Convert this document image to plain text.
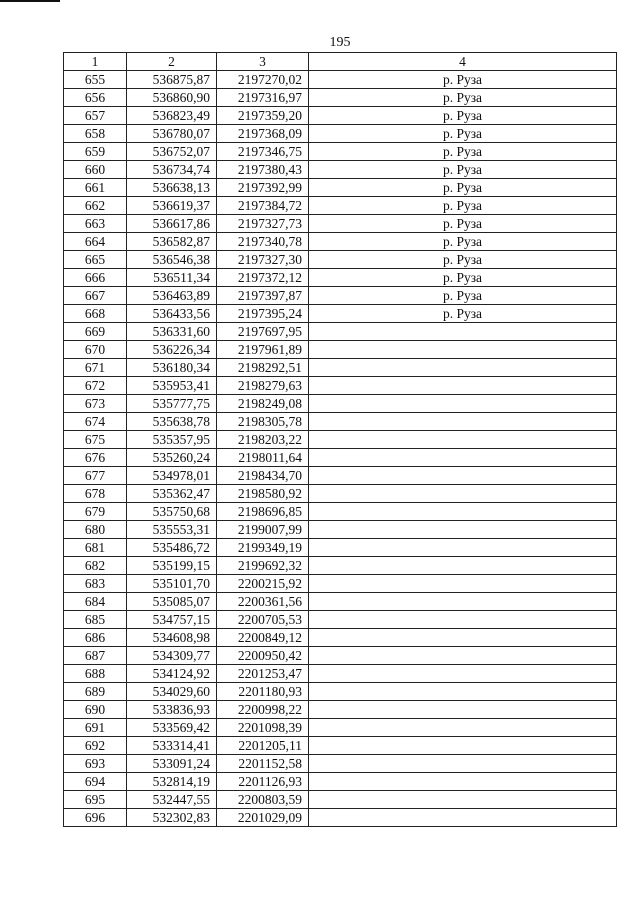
195
1	2	3	4
655	536875,87	2197270,02	р. Руза
656	536860,90	2197316,97	р. Руза
657	536823,49	2197359,20	р. Руза
658	536780,07	2197368,09	р. Руза
659	536752,07	2197346,75	р. Руза
660	536734,74	2197380,43	р. Руза
661	536638,13	2197392,99	р. Руза
662	536619,37	2197384,72	р. Руза
663	536617,86	2197327,73	р. Руза
664	536582,87	2197340,78	р. Руза
665	536546,38	2197327,30	р. Руза
666	536511,34	2197372,12	р. Руза
667	536463,89	2197397,87	р. Руза
668	536433,56	2197395,24	р. Руза
669	536331,60	2197697,95	
670	536226,34	2197961,89	
671	536180,34	2198292,51	
672	535953,41	2198279,63	
673	535777,75	2198249,08	
674	535638,78	2198305,78	
675	535357,95	2198203,22	
676	535260,24	2198011,64	
677	534978,01	2198434,70	
678	535362,47	2198580,92	
679	535750,68	2198696,85	
680	535553,31	2199007,99	
681	535486,72	2199349,19	
682	535199,15	2199692,32	
683	535101,70	2200215,92	
684	535085,07	2200361,56	
685	534757,15	2200705,53	
686	534608,98	2200849,12	
687	534309,77	2200950,42	
688	534124,92	2201253,47	
689	534029,60	2201180,93	
690	533836,93	2200998,22	
691	533569,42	2201098,39	
692	533314,41	2201205,11	
693	533091,24	2201152,58	
694	532814,19	2201126,93	
695	532447,55	2200803,59	
696	532302,83	2201029,09	
